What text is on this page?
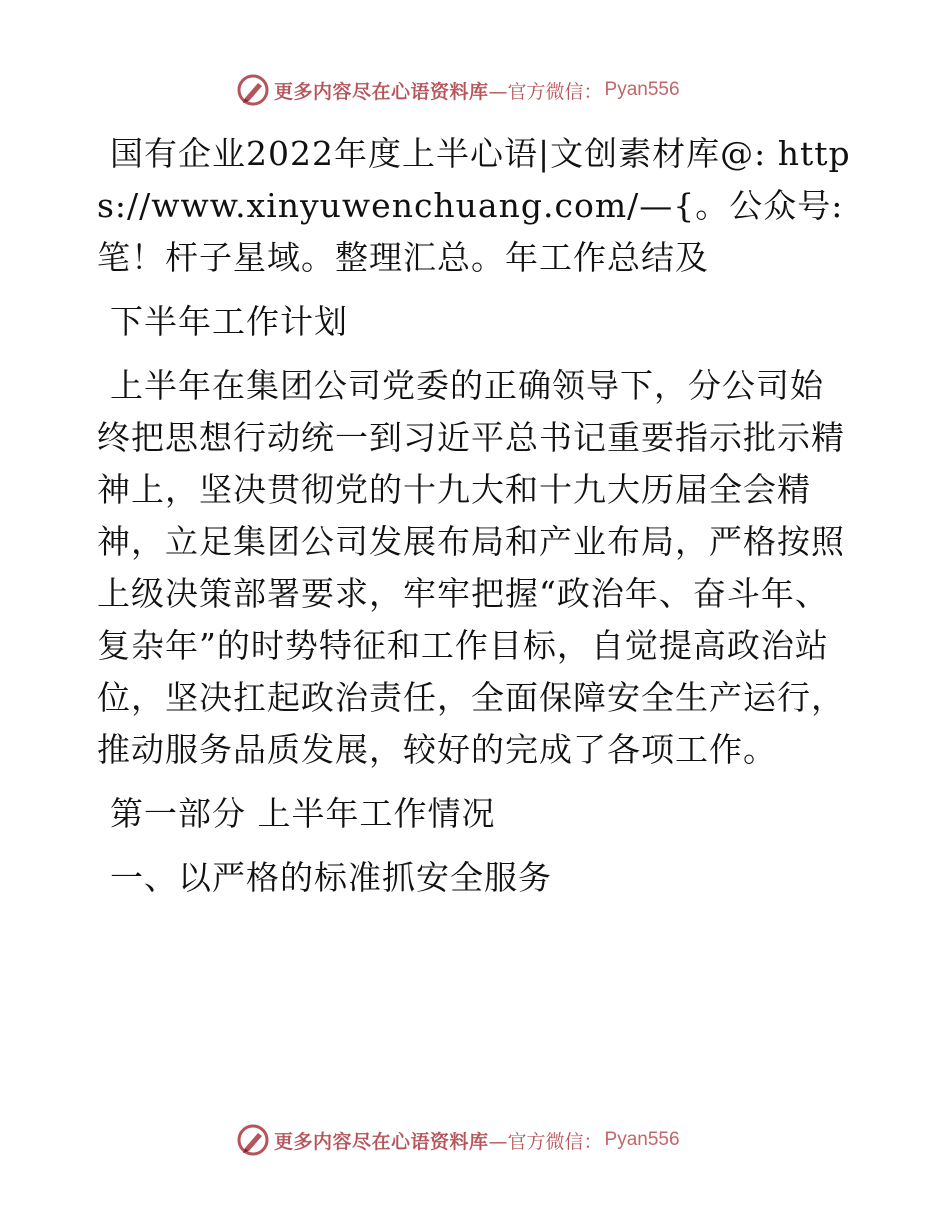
更多内容尽在心语资料库 —官方微信： Pyan556

国有企业2022年度上半心语|文创素材库@: https://www.xinyuwenchuang.com/—{。公众号: 笔！杆子星域。整理汇总。年工作总结及

下半年工作计划

上半年在集团公司党委的正确领导下，分公司始终把思想行动统一到习近平总书记重要指示批示精神上，坚决贯彻党的十九大和十九大历届全会精神，立足集团公司发展布局和产业布局，严格按照上级决策部署要求，牢牢把握“政治年、奋斗年、复杂年”的时势特征和工作目标，自觉提高政治站位，坚决扛起政治责任，全面保障安全生产运行，推动服务品质发展，较好的完成了各项工作。

第一部分 上半年工作情况

一、以严格的标准抓安全服务

更多内容尽在心语资料库 —官方微信： Pyan556
